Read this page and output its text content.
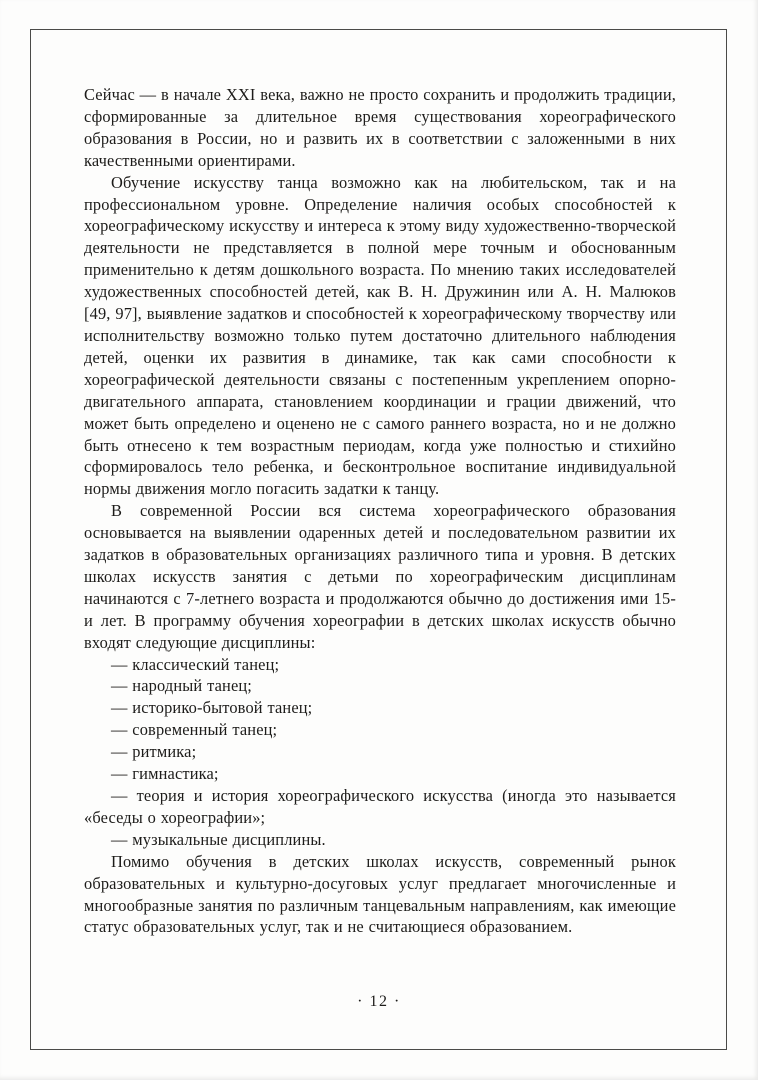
Сейчас — в начале XXI века, важно не просто сохранить и продолжить традиции, сформированные за длительное время существования хореографического образования в России, но и развить их в соответствии с заложенными в них качественными ориентирами.

Обучение искусству танца возможно как на любительском, так и на профессиональном уровне. Определение наличия особых способностей к хореографическому искусству и интереса к этому виду художественно-творческой деятельности не представляется в полной мере точным и обоснованным применительно к детям дошкольного возраста. По мнению таких исследователей художественных способностей детей, как В. Н. Дружинин или А. Н. Малюков [49, 97], выявление задатков и способностей к хореографическому творчеству или исполнительству возможно только путем достаточно длительного наблюдения детей, оценки их развития в динамике, так как сами способности к хореографической деятельности связаны с постепенным укреплением опорно-двигательного аппарата, становлением координации и грации движений, что может быть определено и оценено не с самого раннего возраста, но и не должно быть отнесено к тем возрастным периодам, когда уже полностью и стихийно сформировалось тело ребенка, и бесконтрольное воспитание индивидуальной нормы движения могло погасить задатки к танцу.

В современной России вся система хореографического образования основывается на выявлении одаренных детей и последовательном развитии их задатков в образовательных организациях различного типа и уровня. В детских школах искусств занятия с детьми по хореографическим дисциплинам начинаются с 7-летнего возраста и продолжаются обычно до достижения ими 15-и лет. В программу обучения хореографии в детских школах искусств обычно входят следующие дисциплины:

— классический танец;

— народный танец;

— историко-бытовой танец;

— современный танец;

— ритмика;

— гимнастика;

— теория и история хореографического искусства (иногда это называется «беседы о хореографии»;

— музыкальные дисциплины.

Помимо обучения в детских школах искусств, современный рынок образовательных и культурно-досуговых услуг предлагает многочисленные и многообразные занятия по различным танцевальным направлениям, как имеющие статус образовательных услуг, так и не считающиеся образованием.

· 12 ·
